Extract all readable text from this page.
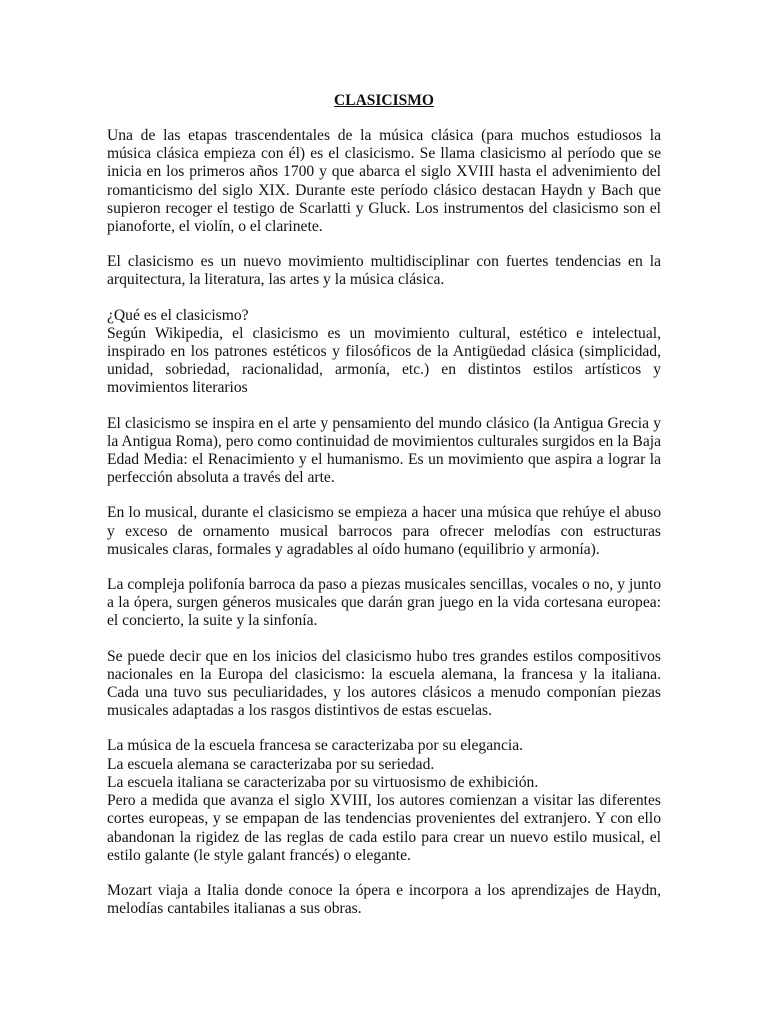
CLASICISMO

Una de las etapas trascendentales de la música clásica (para muchos estudiosos la música clásica empieza con él) es el clasicismo. Se llama clasicismo al período que se inicia en los primeros años 1700 y que abarca el siglo XVIII hasta el advenimiento del romanticismo del siglo XIX. Durante este período clásico destacan Haydn y Bach que supieron recoger el testigo de Scarlatti y Gluck. Los instrumentos del clasicismo son el pianoforte, el violín, o el clarinete.

El clasicismo es un nuevo movimiento multidisciplinar con fuertes tendencias en la arquitectura, la literatura, las artes y la música clásica.

¿Qué es el clasicismo?

Según Wikipedia, el clasicismo es un movimiento cultural, estético e intelectual, inspirado en los patrones estéticos y filosóficos de la Antigüedad clásica (simplicidad, unidad, sobriedad, racionalidad, armonía, etc.) en distintos estilos artísticos y movimientos literarios

El clasicismo se inspira en el arte y pensamiento del mundo clásico (la Antigua Grecia y la Antigua Roma), pero como continuidad de movimientos culturales surgidos en la Baja Edad Media: el Renacimiento y el humanismo. Es un movimiento que aspira a lograr la perfección absoluta a través del arte.

En lo musical, durante el clasicismo se empieza a hacer una música que rehúye el abuso y exceso de ornamento musical barrocos para ofrecer melodías con estructuras musicales claras, formales y agradables al oído humano (equilibrio y armonía).

La compleja polifonía barroca da paso a piezas musicales sencillas, vocales o no, y junto a la ópera, surgen géneros musicales que darán gran juego en la vida cortesana europea: el concierto, la suite y la sinfonía.

Se puede decir que en los inicios del clasicismo hubo tres grandes estilos compositivos nacionales en la Europa del clasicismo: la escuela alemana, la francesa y la italiana. Cada una tuvo sus peculiaridades, y los autores clásicos a menudo componían piezas musicales adaptadas a los rasgos distintivos de estas escuelas.

La música de la escuela francesa se caracterizaba por su elegancia.

La escuela alemana se caracterizaba por su seriedad.

La escuela italiana se caracterizaba por su virtuosismo de exhibición.

Pero a medida que avanza el siglo XVIII, los autores comienzan a visitar las diferentes cortes europeas, y se empapan de las tendencias provenientes del extranjero. Y con ello abandonan la rigidez de las reglas de cada estilo para crear un nuevo estilo musical, el estilo galante (le style galant francés) o elegante.

Mozart viaja a Italia donde conoce la ópera e incorpora a los aprendizajes de Haydn, melodías cantabiles italianas a sus obras.
